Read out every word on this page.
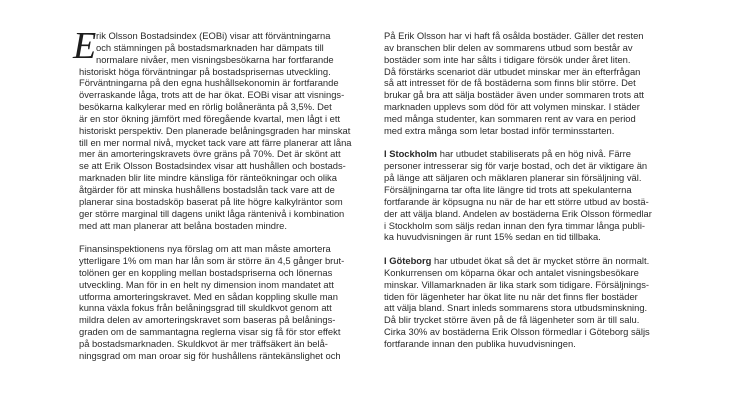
E rik Olsson Bostadsindex (EOBi) visar att förväntningarna
och stämningen på bostadsmarknaden har dämpats till
normalare nivåer, men visningsbesökarna har fortfarande
historiskt höga förväntningar på bostadsprisernas utveckling.
Förväntningarna på den egna hushållsekonomin är fortfarande
överraskande låga, trots att de har ökat. EOBi visar att visnings-
besökarna kalkylerar med en rörlig bolåneränta på 3,5%. Det
är en stor ökning jämfört med föregående kvartal, men lågt i ett
historiskt perspektiv. Den planerade belåningsgraden har minskat
till en mer normal nivå, mycket tack vare att färre planerar att låna
mer än amorteringskravets övre gräns på 70%. Det är skönt att
se att Erik Olsson Bostadsindex visar att hushållen och bostads-
marknaden blir lite mindre känsliga för ränteökningar och olika
åtgärder för att minska hushållens bostadslån tack vare att de
planerar sina bostadsköp baserat på lite högre kalkylräntor som
ger större marginal till dagens unikt låga räntenivå i kombination
med att man planerar att belåna bostaden mindre.
Finansinspektionens nya förslag om att man måste amortera
ytterligare 1% om man har lån som är större än 4,5 gånger brut-
tolönen ger en koppling mellan bostadspriserna och lönernas
utveckling. Man för in en helt ny dimension inom mandatet att
utforma amorteringskravet. Med en sådan koppling skulle man
kunna växla fokus från belåningsgrad till skuldkvot genom att
mildra delen av amorteringskravet som baseras på belånings-
graden om de sammantagna reglerna visar sig få för stor effekt
på bostadsmarknaden. Skuldkvot är mer träffsäkert än belå-
ningsgrad om man oroar sig för hushållens räntekänslighet och
På Erik Olsson har vi haft få osålda bostäder. Gäller det resten
av branschen blir delen av sommarens utbud som består av
bostäder som inte har sålts i tidigare försök under året liten.
Då förstärks scenariot där utbudet minskar mer än efterfrågan
så att intresset för de få bostäderna som finns blir större. Det
brukar gå bra att sälja bostäder även under sommaren trots att
marknaden upplevs som död för att volymen minskar. I städer
med många studenter, kan sommaren rent av vara en period
med extra många som letar bostad inför terminsstarten.
I Stockholm har utbudet stabiliserats på en hög nivå. Färre
personer intresserar sig för varje bostad, och det är viktigare än
på länge att säljaren och mäklaren planerar sin försäljning väl.
Försäljningarna tar ofta lite längre tid trots att spekulanterna
fortfarande är köpsugna nu när de har ett större utbud av bostä-
der att välja bland. Andelen av bostäderna Erik Olsson förmedlar
i Stockholm som säljs redan innan den fyra timmar långa publi-
ka huvudvisningen är runt 15% sedan en tid tillbaka.
I Göteborg har utbudet ökat så det är mycket större än normalt.
Konkurrensen om köparna ökar och antalet visningsbesökare
minskar. Villamarknaden är lika stark som tidigare. Försäljnings-
tiden för lägenheter har ökat lite nu när det finns fler bostäder
att välja bland. Snart inleds sommarens stora utbudsminskning.
Då blir trycket större även på de få lägenheter som är till salu.
Cirka 30% av bostäderna Erik Olsson förmedlar i Göteborg säljs
fortfarande innan den publika huvudvisningen.
